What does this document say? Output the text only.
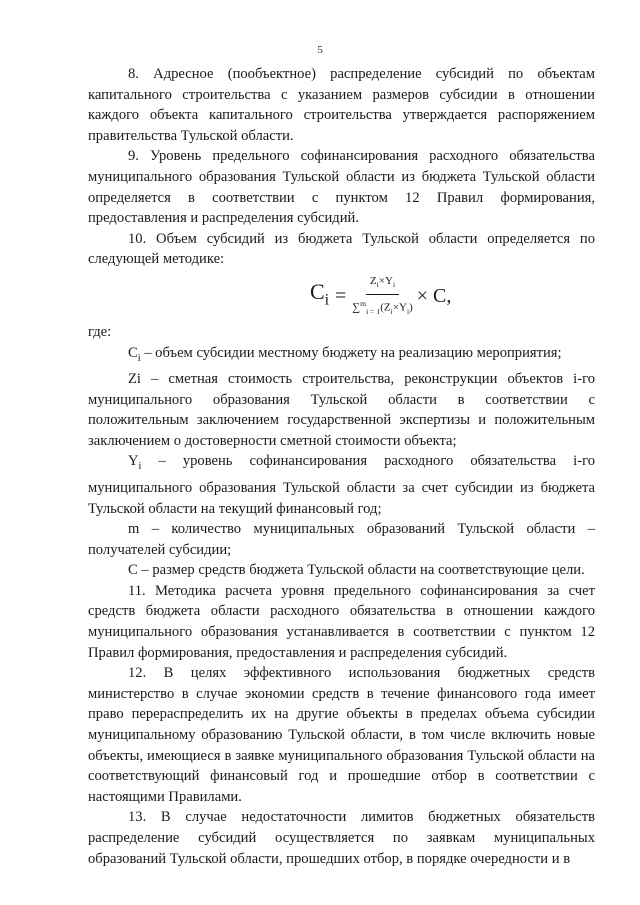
5

8. Адресное (пообъектное) распределение субсидий по объектам капитального строительства с указанием размеров субсидии в отношении каждого объекта капитального строительства утверждается распоряжением правительства Тульской области.

9. Уровень предельного софинансирования расходного обязательства муниципального образования Тульской области из бюджета Тульской области определяется в соответствии с пунктом 12 Правил формирования, предоставления и распределения субсидий.

10. Объем субсидий из бюджета Тульской области определяется по следующей методике:

$C_i = \frac{Z_i\times Y_i}{\sum^m_{i = 1}(Z_i\times Y_i)} \times C$,

где:

$С_i$ – объем субсидии местному бюджету на реализацию мероприятия;

Zi – сметная стоимость строительства, реконструкции объектов i-го муниципального образования Тульской области в соответствии с положительным заключением государственной экспертизы и положительным заключением о достоверности сметной стоимости объекта;

$Y_i$ – уровень софинансирования расходного обязательства i-го муниципального образования Тульской области за счет субсидии из бюджета Тульской области на текущий финансовый год;

m – количество муниципальных образований Тульской области – получателей субсидии;

C – размер средств бюджета Тульской области на соответствующие цели.

11. Методика расчета уровня предельного софинансирования за счет средств бюджета области расходного обязательства в отношении каждого муниципального образования устанавливается в соответствии с пунктом 12 Правил формирования, предоставления и распределения субсидий.

12. В целях эффективного использования бюджетных средств министерство в случае экономии средств в течение финансового года имеет право перераспределить их на другие объекты в пределах объема субсидии муниципальному образованию Тульской области, в том числе включить новые объекты, имеющиеся в заявке муниципального образования Тульской области на соответствующий финансовый год и прошедшие отбор в соответствии с настоящими Правилами.

13. В случае недостаточности лимитов бюджетных обязательств распределение субсидий осуществляется по заявкам муниципальных образований Тульской области, прошедших отбор, в порядке очередности и в
